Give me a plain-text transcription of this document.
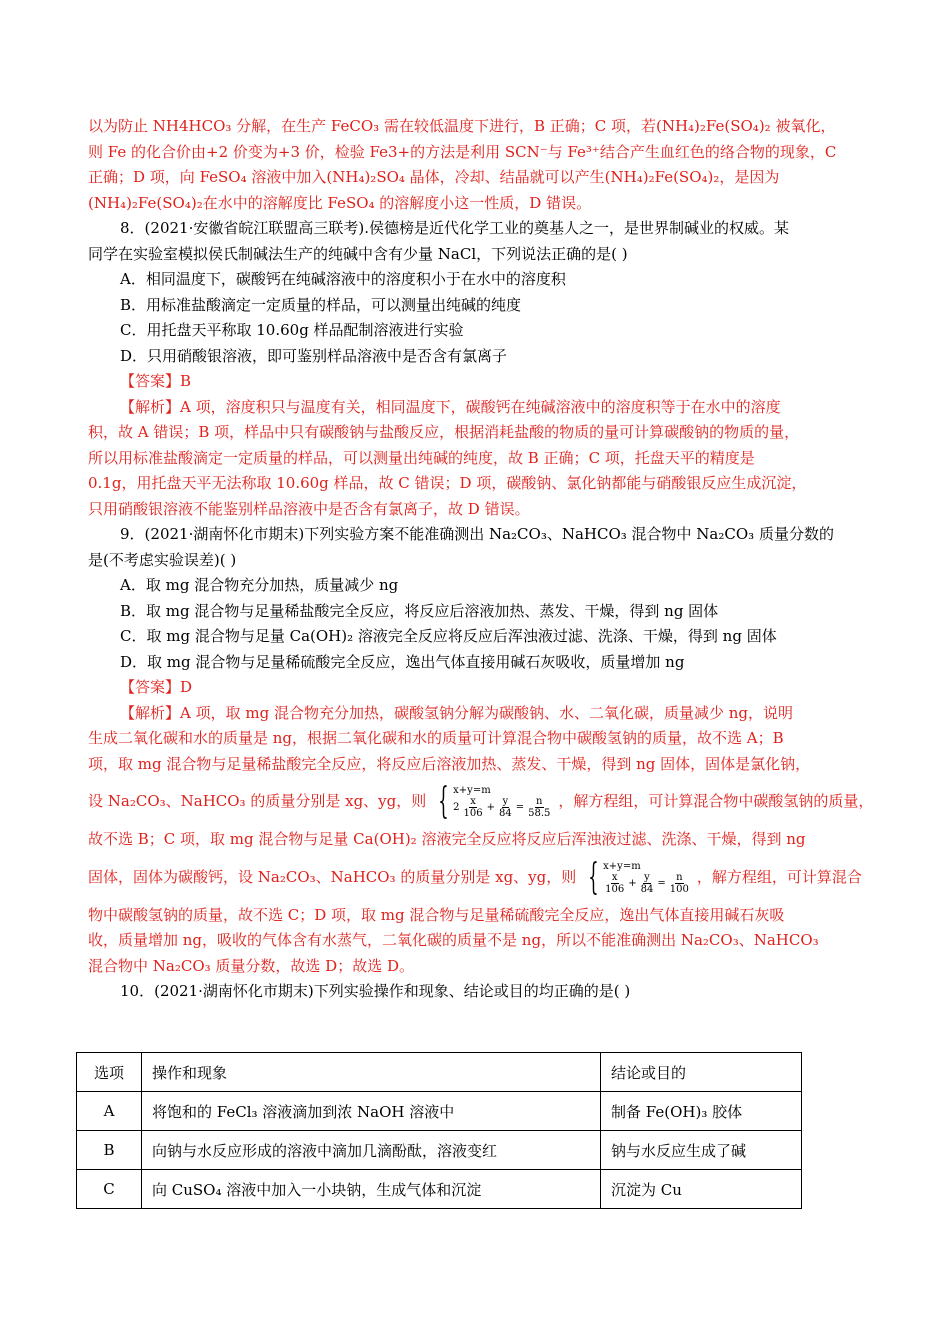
以为防止 NH4HCO₃ 分解，在生产 FeCO₃ 需在较低温度下进行，B 正确；C 项，若(NH₄)₂Fe(SO₄)₂ 被氧化，
则 Fe 的化合价由+2 价变为+3 价，检验 Fe3+的方法是利用 SCN⁻与 Fe³⁺结合产生血红色的络合物的现象，C
正确；D 项，向 FeSO₄ 溶液中加入(NH₄)₂SO₄ 晶体，冷却、结晶就可以产生(NH₄)₂Fe(SO₄)₂，是因为
(NH₄)₂Fe(SO₄)₂在水中的溶解度比 FeSO₄ 的溶解度小这一性质，D 错误。
8．(2021·安徽省皖江联盟高三联考).侯德榜是近代化学工业的奠基人之一，是世界制碱业的权威。某
同学在实验室模拟侯氏制碱法生产的纯碱中含有少量 NaCl，下列说法正确的是( )
A．相同温度下，碳酸钙在纯碱溶液中的溶度积小于在水中的溶度积
B．用标准盐酸滴定一定质量的样品，可以测量出纯碱的纯度
C．用托盘天平称取 10.60g 样品配制溶液进行实验
D．只用硝酸银溶液，即可鉴别样品溶液中是否含有氯离子
【答案】B
【解析】A 项，溶度积只与温度有关，相同温度下，碳酸钙在纯碱溶液中的溶度积等于在水中的溶度
积，故 A 错误；B 项，样品中只有碳酸钠与盐酸反应，根据消耗盐酸的物质的量可计算碳酸钠的物质的量，
所以用标准盐酸滴定一定质量的样品，可以测量出纯碱的纯度，故 B 正确；C 项，托盘天平的精度是
0.1g，用托盘天平无法称取 10.60g 样品，故 C 错误；D 项，碳酸钠、氯化钠都能与硝酸银反应生成沉淀，
只用硝酸银溶液不能鉴别样品溶液中是否含有氯离子，故 D 错误。
9．(2021·湖南怀化市期末)下列实验方案不能准确测出 Na₂CO₃、NaHCO₃ 混合物中 Na₂CO₃ 质量分数的
是(不考虑实验误差)( )
A．取 mg 混合物充分加热，质量减少 ng
B．取 mg 混合物与足量稀盐酸完全反应，将反应后溶液加热、蒸发、干燥，得到 ng 固体
C．取 mg 混合物与足量 Ca(OH)₂ 溶液完全反应将反应后浑浊液过滤、洗涤、干燥，得到 ng 固体
D．取 mg 混合物与足量稀硫酸完全反应，逸出气体直接用碱石灰吸收，质量增加 ng
【答案】D
【解析】A 项，取 mg 混合物充分加热，碳酸氢钠分解为碳酸钠、水、二氧化碳，质量减少 ng，说明
生成二氧化碳和水的质量是 ng，根据二氧化碳和水的质量可计算混合物中碳酸氢钠的质量，故不选 A；B
项，取 mg 混合物与足量稀盐酸完全反应，将反应后溶液加热、蒸发、干燥，得到 ng 固体，固体是氯化钠，
设 Na₂CO₃、NaHCO₃ 的质量分别是 xg、yg，则 { x+y=m
$2 \frac{x}{106} + \frac{y}{84} = \frac{n}{58.5}$ ，解方程组，可计算混合物中碳酸氢钠的质量，
故不选 B；C 项，取 mg 混合物与足量 Ca(OH)₂ 溶液完全反应将反应后浑浊液过滤、洗涤、干燥，得到 ng
固体，固体为碳酸钙，设 Na₂CO₃、NaHCO₃ 的质量分别是 xg、yg，则 { x+y=m
$\frac{x}{106} + \frac{y}{84} = \frac{n}{100}$ ，解方程组，可计算混合
物中碳酸氢钠的质量，故不选 C；D 项，取 mg 混合物与足量稀硫酸完全反应，逸出气体直接用碱石灰吸
收，质量增加 ng，吸收的气体含有水蒸气，二氧化碳的质量不是 ng，所以不能准确测出 Na₂CO₃、NaHCO₃
混合物中 Na₂CO₃ 质量分数，故选 D；故选 D。
10．(2021·湖南怀化市期末)下列实验操作和现象、结论或目的均正确的是( )
选项	操作和现象	结论或目的
A	将饱和的 FeCl₃ 溶液滴加到浓 NaOH 溶液中	制备 Fe(OH)₃ 胶体
B	向钠与水反应形成的溶液中滴加几滴酚酞，溶液变红	钠与水反应生成了碱
C	向 CuSO₄ 溶液中加入一小块钠，生成气体和沉淀	沉淀为 Cu
